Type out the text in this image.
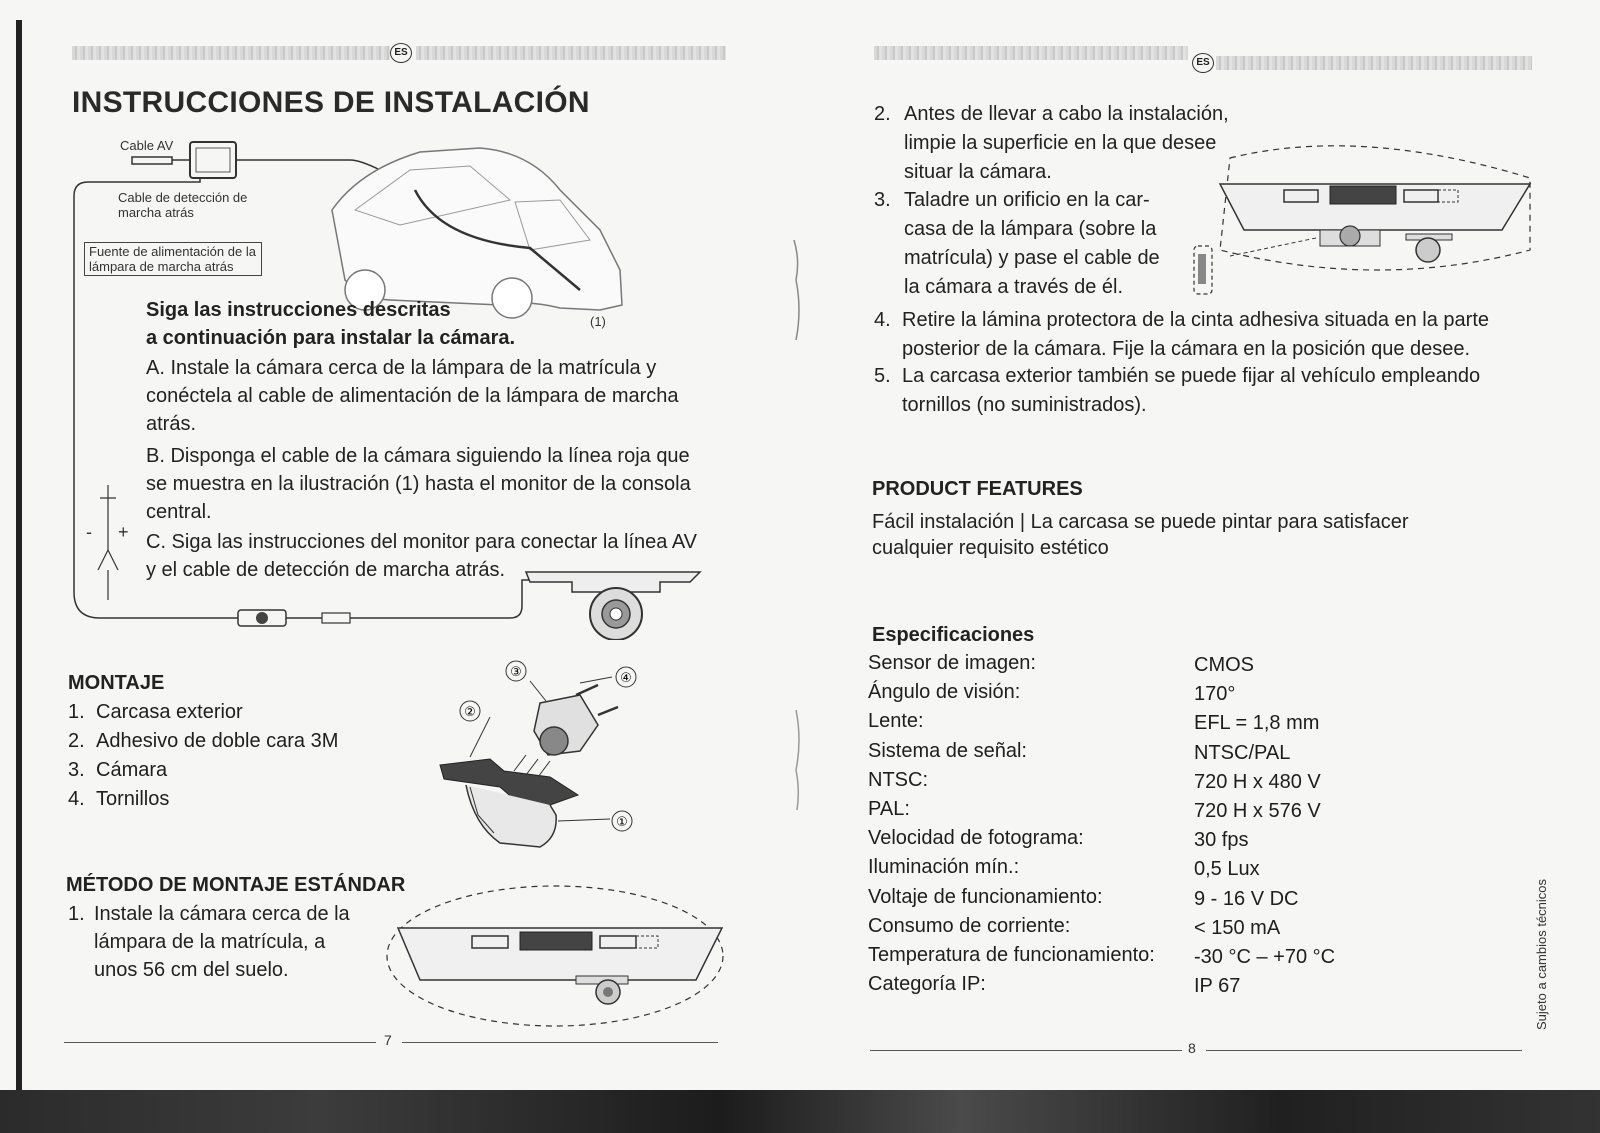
ES
INSTRUCCIONES DE INSTALACIÓN
Cable AV
Cable de detección de marcha atrás
Fuente de alimentación de la lámpara de marcha atrás
(1)
- +
Siga las instrucciones descritas
a continuación para instalar la cámara.
A. Instale la cámara cerca de la lámpara de la matrícula y conéctela al cable de alimentación de la lámpara de marcha atrás.
B. Disponga el cable de la cámara siguiendo la línea roja que se muestra en la ilustración (1) hasta el monitor de la consola central.
C. Siga las instrucciones del monitor para conectar la línea AV y el cable de detección de marcha atrás.
MONTAJE
1. Carcasa exterior
2. Adhesivo de doble cara 3M
3. Cámara
4. Tornillos
②
③	④
①
MÉTODO DE MONTAJE ESTÁNDAR
1. Instale la cámara cerca de la lámpara de la matrícula, a unos 56 cm del suelo.
7
ES
2. Antes de llevar a cabo la instalación,
limpie la superficie en la que desee
situar la cámara.
3. Taladre un orificio en la car-
casa de la lámpara (sobre la
matrícula) y pase el cable de
la cámara a través de él.
4. Retire la lámina protectora de la cinta adhesiva situada en la parte
posterior de la cámara. Fije la cámara en la posición que desee.
5. La carcasa exterior también se puede fijar al vehículo empleando
tornillos (no suministrados).
PRODUCT FEATURES
Fácil instalación | La carcasa se puede pintar para satisfacer
cualquier requisito estético
Especificaciones
Sensor de imagen:	CMOS
Ángulo de visión:	170°
Lente:	EFL = 1,8 mm
Sistema de señal:	NTSC/PAL
NTSC:	720 H x 480 V
PAL:	720 H x 576 V
Velocidad de fotograma:	30 fps
Iluminación mín.:	0,5 Lux
Voltaje de funcionamiento:	9 - 16 V DC
Consumo de corriente:	< 150 mA
Temperatura de funcionamiento: -30 °C – +70 °C
Categoría IP:	IP 67	Sujeto a cambios técnicos
8
